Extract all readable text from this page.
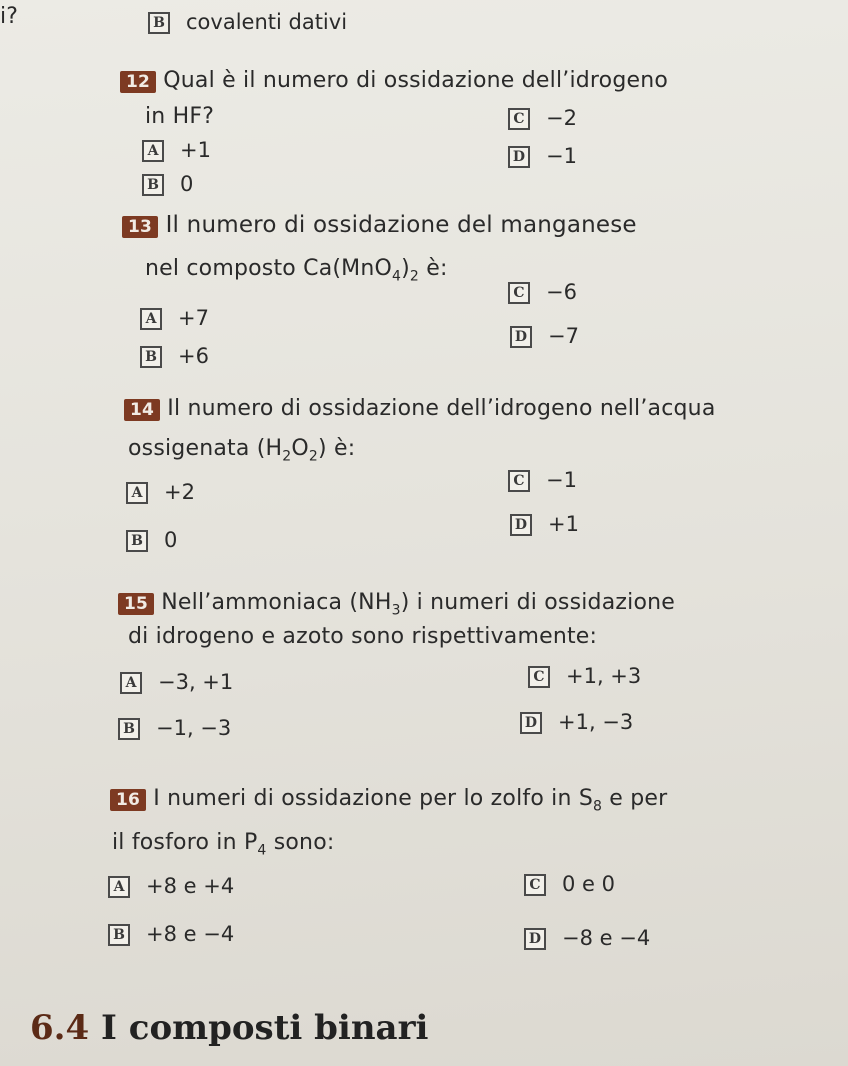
i?	B covalenti dativi
12 Qual è il numero di ossidazione dell’idrogeno
in HF?
A +1
B 0
C −2
D −1
13 Il numero di ossidazione del manganese
nel composto $Ca(MnO_4)_2$ è:
A +7
B +6
C −6
D −7
14 Il numero di ossidazione dell’idrogeno nell’acqua
ossigenata $(H_2O_2)$ è:
A +2
B 0
C −1
D +1
15 Nell’ammoniaca $(NH_3)$ i numeri di ossidazione
di idrogeno e azoto sono rispettivamente:
A −3, +1
B −1, −3
C +1, +3
D +1, −3
16 I numeri di ossidazione per lo zolfo in $S_8$ e per
il fosforo in $P_4$ sono:
A +8 e +4
B +8 e −4
C 0 e 0
D −8 e −4
6.4 I composti binari
